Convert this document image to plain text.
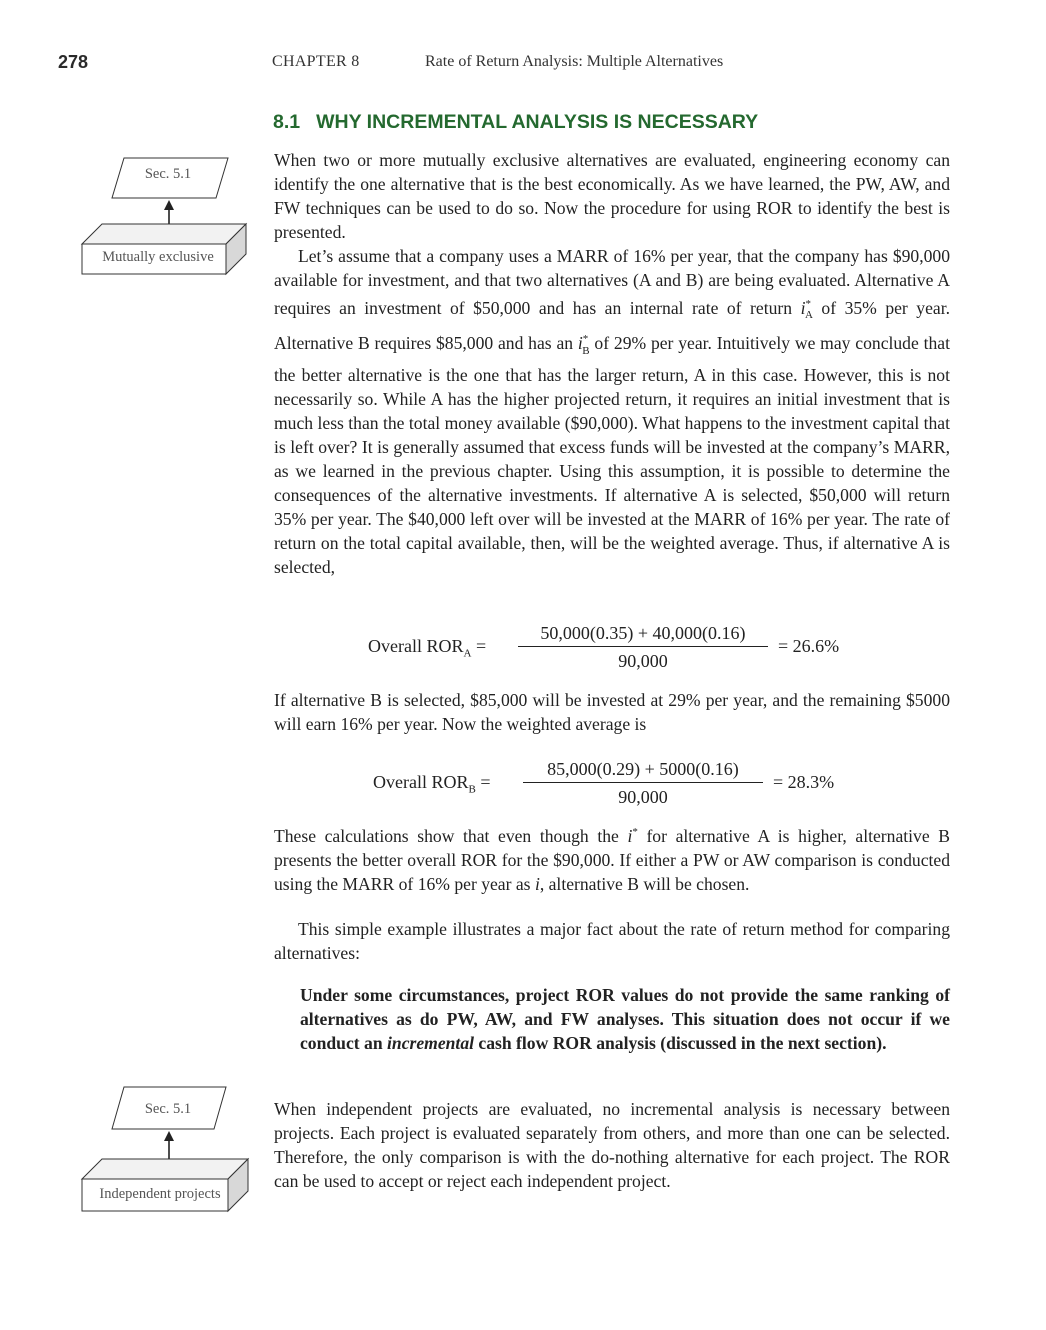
278	CHAPTER 8	Rate of Return Analysis: Multiple Alternatives
8.1 WHY INCREMENTAL ANALYSIS IS NECESSARY
Sec. 5.1
Mutually exclusive
Sec. 5.1
Independent projects

When two or more mutually exclusive alternatives are evaluated, engineering economy can identify the one alternative that is the best economically. As we have learned, the PW, AW, and FW techniques can be used to do so. Now the procedure for using ROR to identify the best is presented.

Let’s assume that a company uses a MARR of 16% per year, that the company has $90,000 available for investment, and that two alternatives (A and B) are being evaluated. Alternative A requires an investment of $50,000 and has an internal rate of return $i^*_A$ of 35% per year. Alternative B requires $85,000 and has an $i^*_B$ of 29% per year. Intuitively we may conclude that the better alternative is the one that has the larger return, A in this case. However, this is not necessarily so. While A has the higher projected return, it requires an initial investment that is much less than the total money available ($90,000). What happens to the investment capital that is left over? It is generally assumed that excess funds will be invested at the company’s MARR, as we learned in the previous chapter. Using this assumption, it is possible to determine the consequences of the alternative investments. If alternative A is selected, $50,000 will return 35% per year. The $40,000 left over will be invested at the MARR of 16% per year. The rate of return on the total capital available, then, will be the weighted average. Thus, if alternative A is selected,

Overall $ROR_A$ =
50,000(0.35) + 40,000(0.16)
90,000
= 26.6%

If alternative B is selected, $85,000 will be invested at 29% per year, and the remaining $5000 will earn 16% per year. Now the weighted average is

Overall $ROR_B$ =
85,000(0.29) + 5000(0.16)
90,000
= 28.3%

These calculations show that even though the i* for alternative A is higher, alternative B presents the better overall ROR for the $90,000. If either a PW or AW comparison is conducted using the MARR of 16% per year as i, alternative B will be chosen.

This simple example illustrates a major fact about the rate of return method for comparing alternatives:

Under some circumstances, project ROR values do not provide the same ranking of alternatives as do PW, AW, and FW analyses. This situation does not occur if we conduct an incremental cash flow ROR analysis (discussed in the next section).

When independent projects are evaluated, no incremental analysis is necessary between projects. Each project is evaluated separately from others, and more than one can be selected. Therefore, the only comparison is with the do-nothing alternative for each project. The ROR can be used to accept or reject each independent project.
